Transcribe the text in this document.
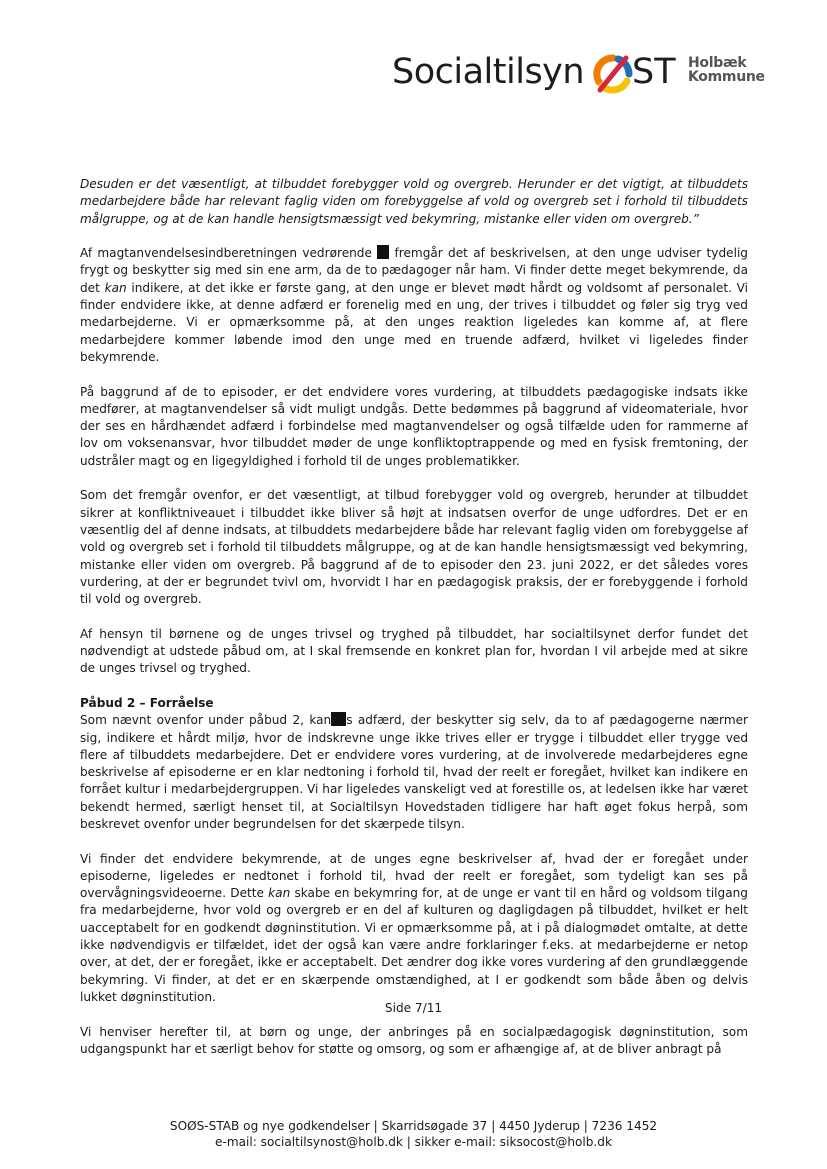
Socialtilsyn ST Holbæk
Kommune

Desuden er det væsentligt, at tilbuddet forebygger vold og overgreb. Herunder er det vigtigt, at tilbuddets medarbejdere både har relevant faglig viden om forebyggelse af vold og overgreb set i forhold til tilbuddets målgruppe, og at de kan handle hensigtsmæssigt ved bekymring, mistanke eller viden om overgreb.”

Af magtanvendelsesindberetningen vedrørende fremgår det af beskrivelsen, at den unge udviser tydelig frygt og beskytter sig med sin ene arm, da de to pædagoger når ham. Vi finder dette meget bekymrende, da det kan indikere, at det ikke er første gang, at den unge er blevet mødt hårdt og voldsomt af personalet. Vi finder endvidere ikke, at denne adfærd er forenelig med en ung, der trives i tilbuddet og føler sig tryg ved medarbejderne. Vi er opmærksomme på, at den unges reaktion ligeledes kan komme af, at flere medarbejdere kommer løbende imod den unge med en truende adfærd, hvilket vi ligeledes finder bekymrende.

På baggrund af de to episoder, er det endvidere vores vurdering, at tilbuddets pædagogiske indsats ikke medfører, at magtanvendelser så vidt muligt undgås. Dette bedømmes på baggrund af videomateriale, hvor der ses en hårdhændet adfærd i forbindelse med magtanvendelser og også tilfælde uden for rammerne af lov om voksenansvar, hvor tilbuddet møder de unge konfliktoptrappende og med en fysisk fremtoning, der udstråler magt og en ligegyldighed i forhold til de unges problematikker.

Som det fremgår ovenfor, er det væsentligt, at tilbud forebygger vold og overgreb, herunder at tilbuddet sikrer at konfliktniveauet i tilbuddet ikke bliver så højt at indsatsen overfor de unge udfordres. Det er en væsentlig del af denne indsats, at tilbuddets medarbejdere både har relevant faglig viden om forebyggelse af vold og overgreb set i forhold til tilbuddets målgruppe, og at de kan handle hensigtsmæssigt ved bekymring, mistanke eller viden om overgreb. På baggrund af de to episoder den 23. juni 2022, er det således vores vurdering, at der er begrundet tvivl om, hvorvidt I har en pædagogisk praksis, der er forebyggende i forhold til vold og overgreb.

Af hensyn til børnene og de unges trivsel og tryghed på tilbuddet, har socialtilsynet derfor fundet det nødvendigt at udstede påbud om, at I skal fremsende en konkret plan for, hvordan I vil arbejde med at sikre de unges trivsel og tryghed.

Påbud 2 – Forråelse

Som nævnt ovenfor under påbud 2, kan s adfærd, der beskytter sig selv, da to af pædagogerne nærmer sig, indikere et hårdt miljø, hvor de indskrevne unge ikke trives eller er trygge i tilbuddet eller trygge ved flere af tilbuddets medarbejdere. Det er endvidere vores vurdering, at de involverede medarbejderes egne beskrivelse af episoderne er en klar nedtoning i forhold til, hvad der reelt er foregået, hvilket kan indikere en forrået kultur i medarbejdergruppen. Vi har ligeledes vanskeligt ved at forestille os, at ledelsen ikke har været bekendt hermed, særligt henset til, at Socialtilsyn Hovedstaden tidligere har haft øget fokus herpå, som beskrevet ovenfor under begrundelsen for det skærpede tilsyn.

Vi finder det endvidere bekymrende, at de unges egne beskrivelser af, hvad der er foregået under episoderne, ligeledes er nedtonet i forhold til, hvad der reelt er foregået, som tydeligt kan ses på overvågningsvideoerne. Dette kan skabe en bekymring for, at de unge er vant til en hård og voldsom tilgang fra medarbejderne, hvor vold og overgreb er en del af kulturen og dagligdagen på tilbuddet, hvilket er helt uacceptabelt for en godkendt døgninstitution. Vi er opmærksomme på, at i på dialogmødet omtalte, at dette ikke nødvendigvis er tilfældet, idet der også kan være andre forklaringer f.eks. at medarbejderne er netop over, at det, der er foregået, ikke er acceptabelt. Det ændrer dog ikke vores vurdering af den grundlæggende bekymring. Vi finder, at det er en skærpende omstændighed, at I er godkendt som både åben og delvis lukket døgninstitution.

Vi henviser herefter til, at børn og unge, der anbringes på en socialpædagogisk døgninstitution, som udgangspunkt har et særligt behov for støtte og omsorg, og som er afhængige af, at de bliver anbragt på

Side 7/11
SOØS-STAB og nye godkendelser | Skarridsøgade 37 | 4450 Jyderup | 7236 1452
e-mail: socialtilsynost@holb.dk | sikker e-mail: siksocost@holb.dk
